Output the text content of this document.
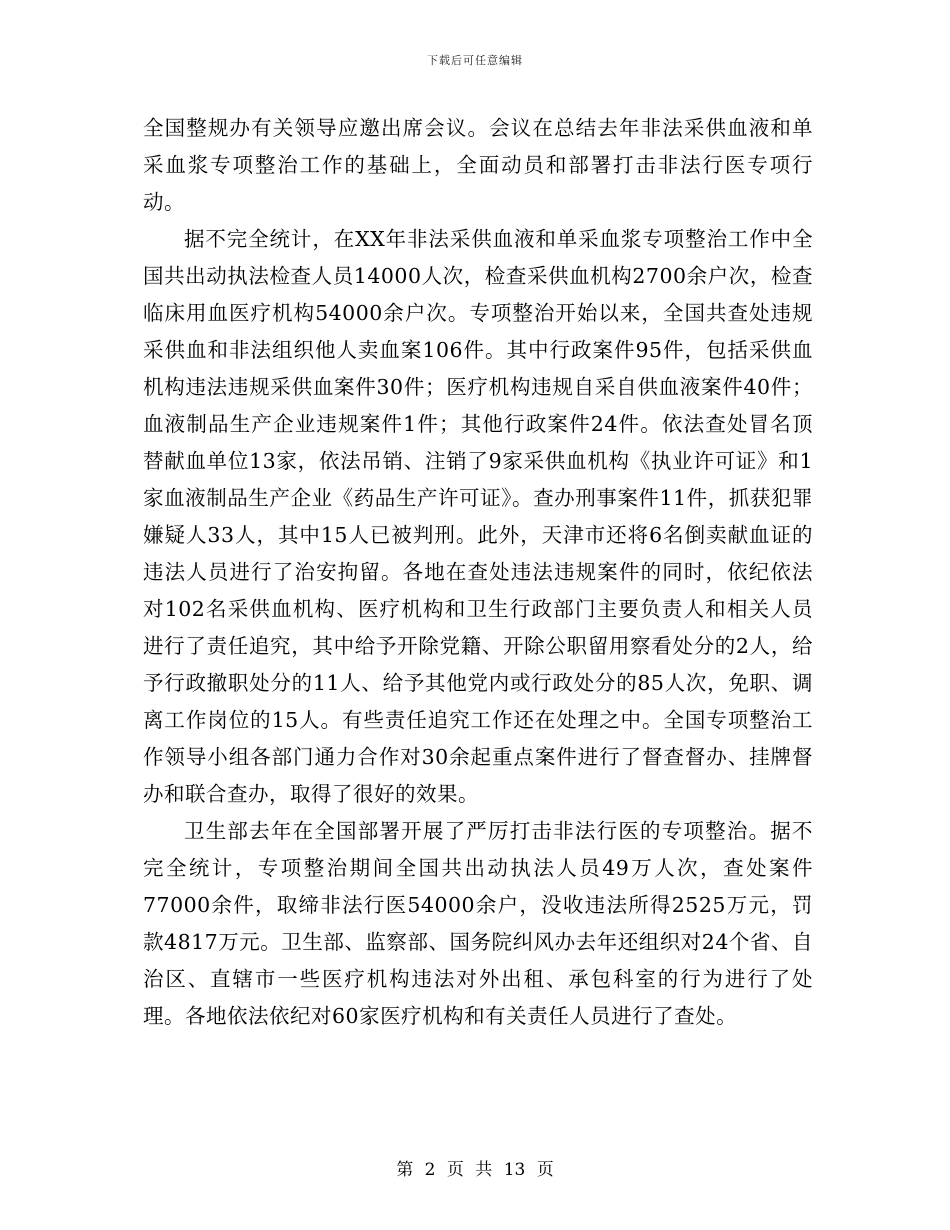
下载后可任意编辑

全国整规办有关领导应邀出席会议。会议在总结去年非法采供血液和单采血浆专项整治工作的基础上，全面动员和部署打击非法行医专项行动。

据不完全统计，在XX年非法采供血液和单采血浆专项整治工作中全国共出动执法检查人员14000人次，检查采供血机构2700余户次，检查临床用血医疗机构54000余户次。专项整治开始以来，全国共查处违规采供血和非法组织他人卖血案106件。其中行政案件95件，包括采供血机构违法违规采供血案件30件；医疗机构违规自采自供血液案件40件；血液制品生产企业违规案件1件；其他行政案件24件。依法查处冒名顶替献血单位13家，依法吊销、注销了9家采供血机构《执业许可证》和1家血液制品生产企业《药品生产许可证》。查办刑事案件11件，抓获犯罪嫌疑人33人，其中15人已被判刑。此外，天津市还将6名倒卖献血证的违法人员进行了治安拘留。各地在查处违法违规案件的同时，依纪依法对102名采供血机构、医疗机构和卫生行政部门主要负责人和相关人员进行了责任追究，其中给予开除党籍、开除公职留用察看处分的2人，给予行政撤职处分的11人、给予其他党内或行政处分的85人次，免职、调离工作岗位的15人。有些责任追究工作还在处理之中。全国专项整治工作领导小组各部门通力合作对30余起重点案件进行了督查督办、挂牌督办和联合查办，取得了很好的效果。

卫生部去年在全国部署开展了严厉打击非法行医的专项整治。据不完全统计，专项整治期间全国共出动执法人员49万人次，查处案件77000余件，取缔非法行医54000余户，没收违法所得2525万元，罚款4817万元。卫生部、监察部、国务院纠风办去年还组织对24个省、自治区、直辖市一些医疗机构违法对外出租、承包科室的行为进行了处理。各地依法依纪对60家医疗机构和有关责任人员进行了查处。

第 2 页 共 13 页
